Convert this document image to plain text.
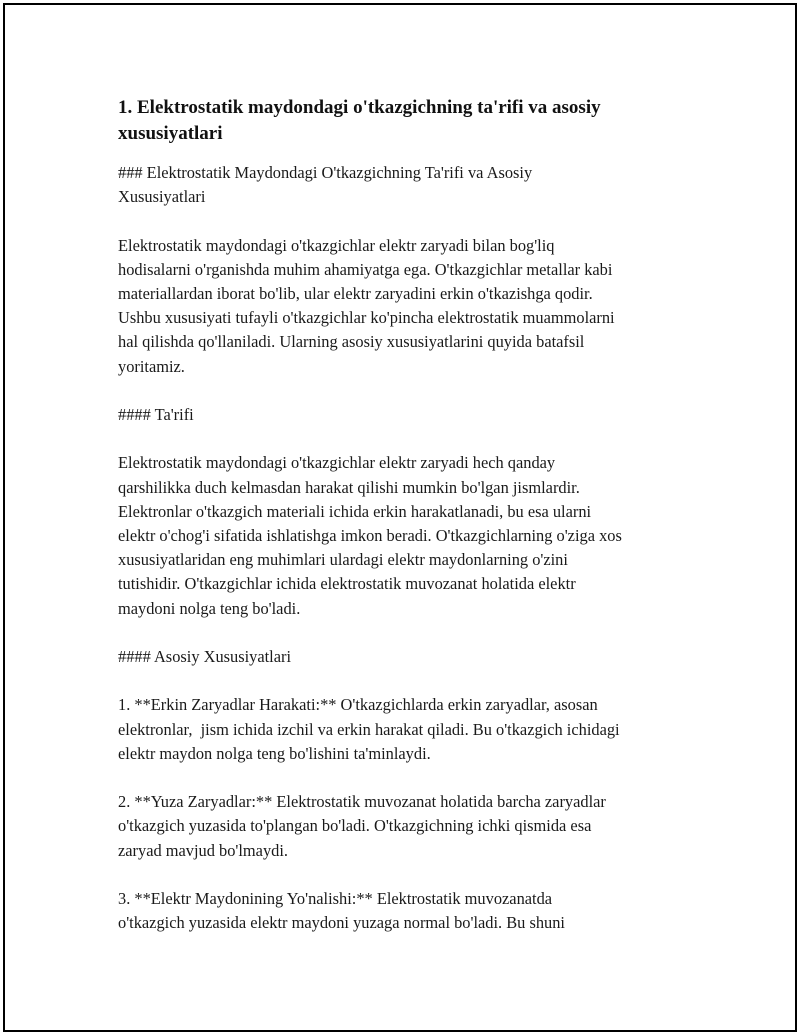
1. Elektrostatik maydondagi o'tkazgichning ta'rifi va asosiy
xususiyatlari
### Elektrostatik Maydondagi O'tkazgichning Ta'rifi va Asosiy
Xususiyatlari
Elektrostatik maydondagi o'tkazgichlar elektr zaryadi bilan bog'liq
hodisalarni o'rganishda muhim ahamiyatga ega. O'tkazgichlar metallar kabi
materiallardan iborat bo'lib, ular elektr zaryadini erkin o'tkazishga qodir.
Ushbu xususiyati tufayli o'tkazgichlar ko'pincha elektrostatik muammolarni
hal qilishda qo'llaniladi. Ularning asosiy xususiyatlarini quyida batafsil
yoritamiz.
#### Ta'rifi
Elektrostatik maydondagi o'tkazgichlar elektr zaryadi hech qanday
qarshilikka duch kelmasdan harakat qilishi mumkin bo'lgan jismlardir.
Elektronlar o'tkazgich materiali ichida erkin harakatlanadi, bu esa ularni
elektr o'chog'i sifatida ishlatishga imkon beradi. O'tkazgichlarning o'ziga xos
xususiyatlaridan eng muhimlari ulardagi elektr maydonlarning o'zini
tutishidir. O'tkazgichlar ichida elektrostatik muvozanat holatida elektr
maydoni nolga teng bo'ladi.
#### Asosiy Xususiyatlari
1. **Erkin Zaryadlar Harakati:** O'tkazgichlarda erkin zaryadlar, asosan
elektronlar,  jism ichida izchil va erkin harakat qiladi. Bu o'tkazgich ichidagi
elektr maydon nolga teng bo'lishini ta'minlaydi.
2. **Yuza Zaryadlar:** Elektrostatik muvozanat holatida barcha zaryadlar
o'tkazgich yuzasida to'plangan bo'ladi. O'tkazgichning ichki qismida esa
zaryad mavjud bo'lmaydi.
3. **Elektr Maydonining Yo'nalishi:** Elektrostatik muvozanatda
o'tkazgich yuzasida elektr maydoni yuzaga normal bo'ladi. Bu shuni
